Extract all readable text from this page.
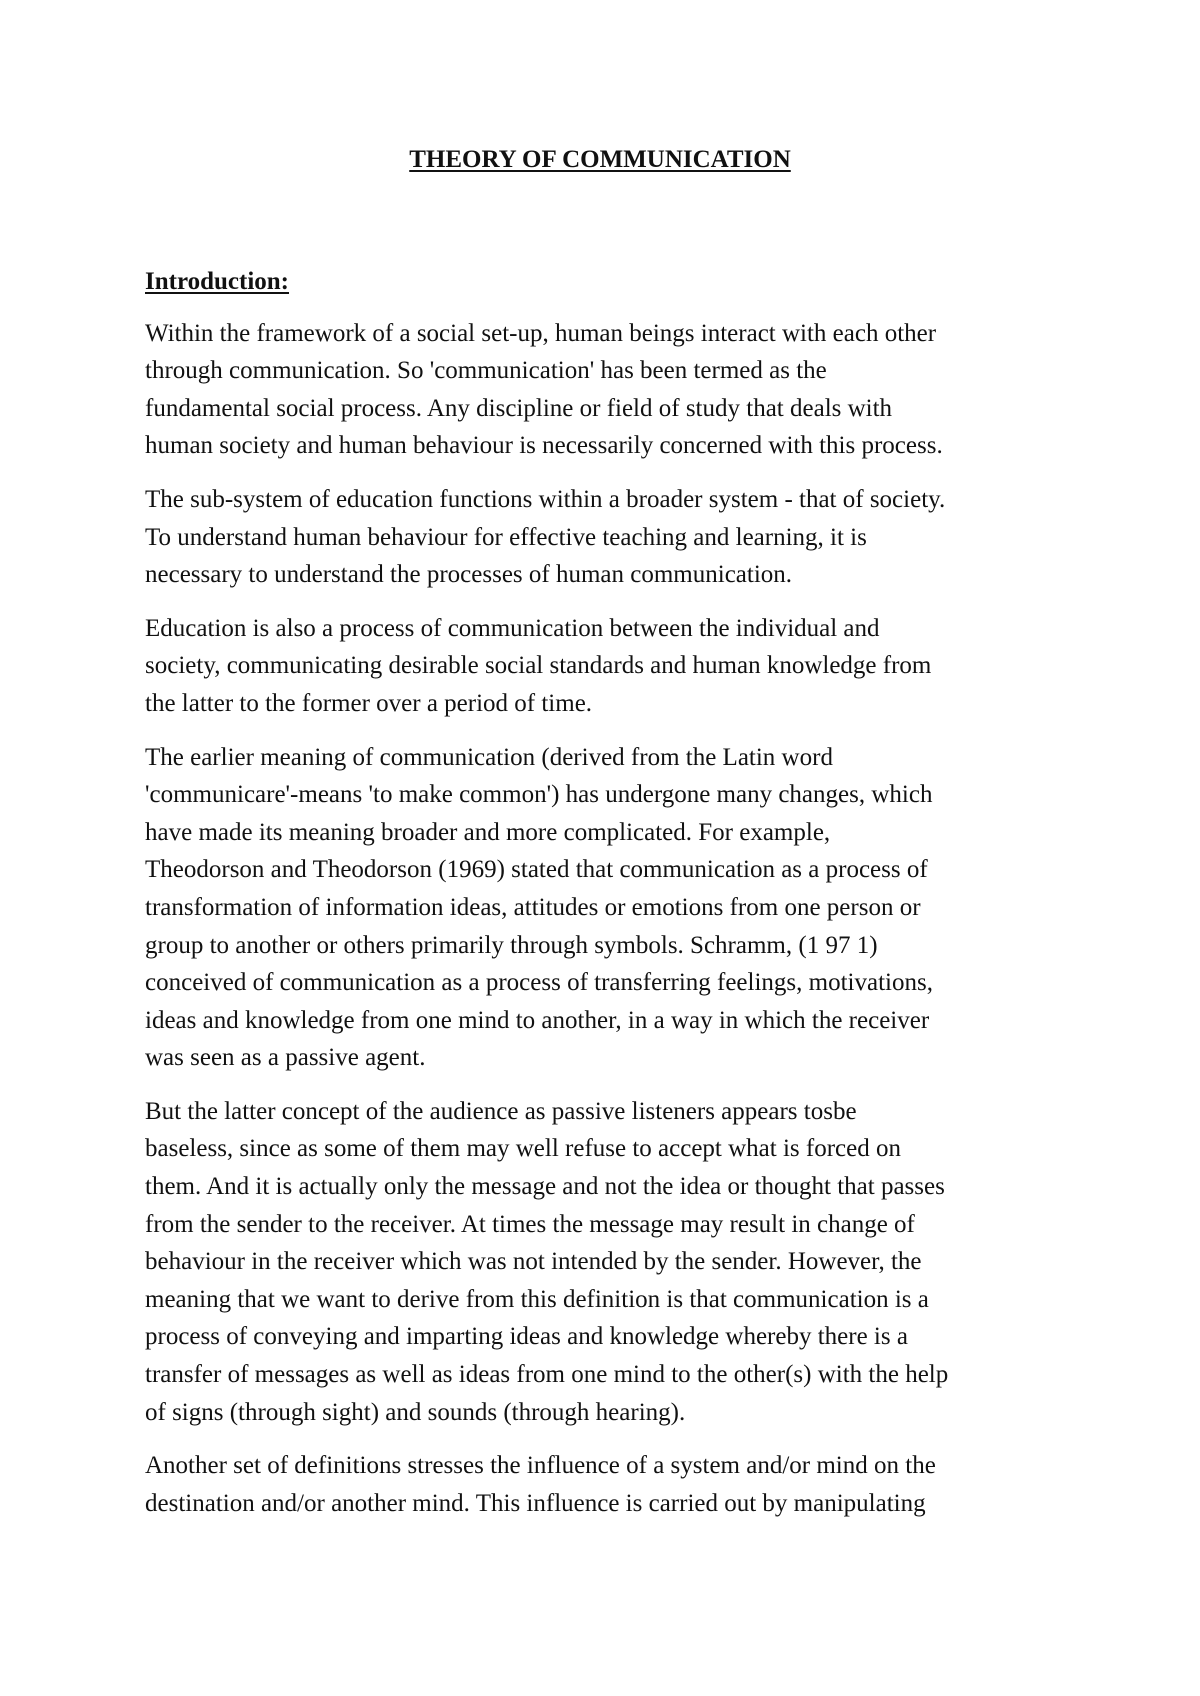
THEORY OF COMMUNICATION
Introduction:

Within the framework of a social set-up, human beings interact with each other
through communication. So 'communication' has been termed as the
fundamental social process. Any discipline or field of study that deals with
human society and human behaviour is necessarily concerned with this process.

The sub-system of education functions within a broader system - that of society.
To understand human behaviour for effective teaching and learning, it is
necessary to understand the processes of human communication.

Education is also a process of communication between the individual and
society, communicating desirable social standards and human knowledge from
the latter to the former over a period of time.

The earlier meaning of communication (derived from the Latin word
'communicare'-means 'to make common') has undergone many changes, which
have made its meaning broader and more complicated. For example,
Theodorson and Theodorson (1969) stated that communication as a process of
transformation of information ideas, attitudes or emotions from one person or
group to another or others primarily through symbols. Schramm, (1 97 1)
conceived of communication as a process of transferring feelings, motivations,
ideas and knowledge from one mind to another, in a way in which the receiver
was seen as a passive agent.

But the latter concept of the audience as passive listeners appears tosbe
baseless, since as some of them may well refuse to accept what is forced on
them. And it is actually only the message and not the idea or thought that passes
from the sender to the receiver. At times the message may result in change of
behaviour in the receiver which was not intended by the sender. However, the
meaning that we want to derive from this definition is that communication is a
process of conveying and imparting ideas and knowledge whereby there is a
transfer of messages as well as ideas from one mind to the other(s) with the help
of signs (through sight) and sounds (through hearing).

Another set of definitions stresses the influence of a system and/or mind on the
destination and/or another mind. This influence is carried out by manipulating
